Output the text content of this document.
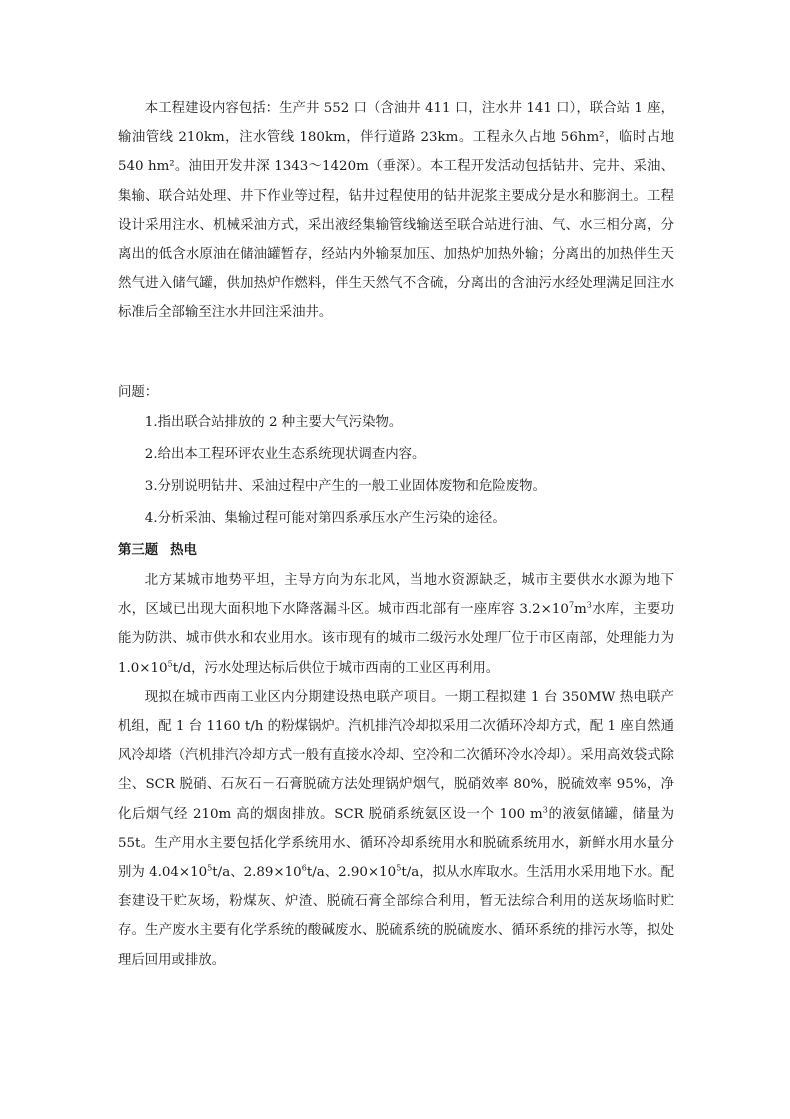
本工程建设内容包括：生产井 552 口（含油井 411 口，注水井 141 口），联合站 1 座，输油管线 210km，注水管线 180km，伴行道路 23km。工程永久占地 56hm²，临时占地 540 hm²。油田开发井深 1343～1420m（垂深）。本工程开发活动包括钻井、完井、采油、集输、联合站处理、井下作业等过程，钻井过程使用的钻井泥浆主要成分是水和膨润土。工程设计采用注水、机械采油方式，采出液经集输管线输送至联合站进行油、气、水三相分离，分离出的低含水原油在储油罐暂存，经站内外输泵加压、加热炉加热外输；分离出的加热伴生天然气进入储气罐，供加热炉作燃料，伴生天然气不含硫，分离出的含油污水经处理满足回注水标准后全部输至注水井回注采油井。

问题：

1.指出联合站排放的 2 种主要大气污染物。

2.给出本工程环评农业生态系统现状调查内容。

3.分别说明钻井、采油过程中产生的一般工业固体废物和危险废物。

4.分析采油、集输过程可能对第四系承压水产生污染的途径。

第三题 热电

北方某城市地势平坦，主导方向为东北风，当地水资源缺乏，城市主要供水水源为地下水，区域已出现大面积地下水降落漏斗区。城市西北部有一座库容 $3.2\times 10^7m^3$水库，主要功能为防洪、城市供水和农业用水。该市现有的城市二级污水处理厂位于市区南部，处理能力为 $1.0\times 10^5t/d$，污水处理达标后供位于城市西南的工业区再利用。

现拟在城市西南工业区内分期建设热电联产项目。一期工程拟建 1 台 350MW 热电联产机组，配 1 台 1160 t/h 的粉煤锅炉。汽机排汽冷却拟采用二次循环冷却方式，配 1 座自然通风冷却塔（汽机排汽冷却方式一般有直接水冷却、空冷和二次循环冷水冷却）。采用高效袋式除尘、SCR 脱硝、石灰石－石膏脱硫方法处理锅炉烟气，脱硝效率 80%，脱硫效率 95%，净化后烟气经 210m 高的烟囱排放。SCR 脱硝系统氨区设一个 100 $m^3$的液氨储罐，储量为 55t。生产用水主要包括化学系统用水、循环冷却系统用水和脱硫系统用水，新鲜水用水量分别为 $4.04\times 10^5t/a$、$2.89\times 10^6t/a$、$2.90\times 10^5t/a$，拟从水库取水。生活用水采用地下水。配套建设干贮灰场，粉煤灰、炉渣、脱硫石膏全部综合利用，暂无法综合利用的送灰场临时贮存。生产废水主要有化学系统的酸碱废水、脱硫系统的脱硫废水、循环系统的排污水等，拟处理后回用或排放。
